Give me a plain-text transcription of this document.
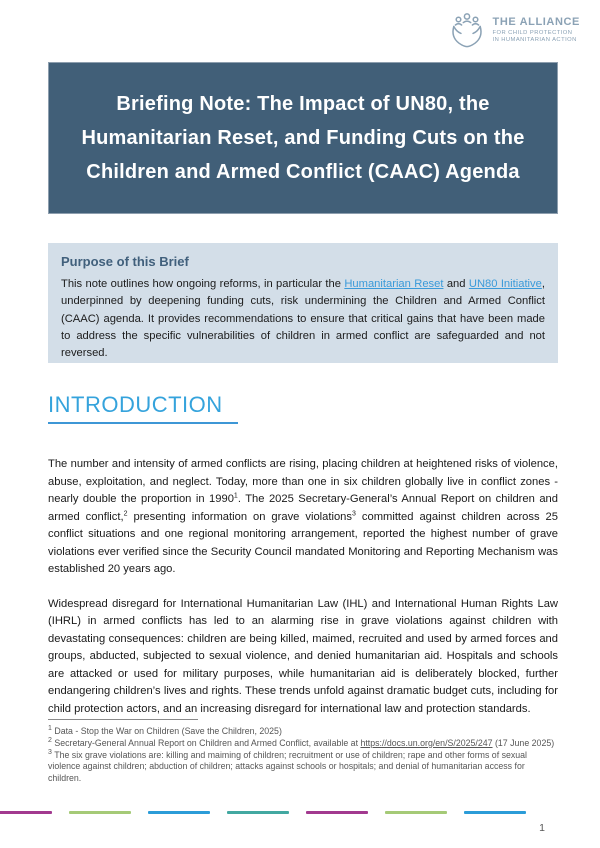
THE ALLIANCE
FOR CHILD PROTECTION
IN HUMANITARIAN ACTION
Briefing Note: The Impact of UN80, the
Humanitarian Reset, and Funding Cuts on the
Children and Armed Conflict (CAAC) Agenda
Purpose of this Brief

This note outlines how ongoing reforms, in particular the Humanitarian Reset and UN80 Initiative, underpinned by deepening funding cuts, risk undermining the Children and Armed Conflict (CAAC) agenda. It provides recommendations to ensure that critical gains that have been made to address the specific vulnerabilities of children in armed conflict are safeguarded and not reversed.

INTRODUCTION

The number and intensity of armed conflicts are rising, placing children at heightened risks of violence, abuse, exploitation, and neglect. Today, more than one in six children globally live in conflict zones - nearly double the proportion in 1990$^1$. The 2025 Secretary-General’s Annual Report on children and armed conflict,$^2$ presenting information on grave violations$^3$ committed against children across 25 conflict situations and one regional monitoring arrangement, reported the highest number of grave violations ever verified since the Security Council mandated Monitoring and Reporting Mechanism was established 20 years ago.

Widespread disregard for International Humanitarian Law (IHL) and International Human Rights Law (IHRL) in armed conflicts has led to an alarming rise in grave violations against children with devastating consequences: children are being killed, maimed, recruited and used by armed forces and groups, abducted, subjected to sexual violence, and denied humanitarian aid. Hospitals and schools are attacked or used for military purposes, while humanitarian aid is deliberately blocked, further endangering children’s lives and rights. These trends unfold against dramatic budget cuts, including for child protection actors, and an increasing disregard for international law and protection standards.

$^1$ Data - Stop the War on Children (Save the Children, 2025)

$^2$ Secretary-General Annual Report on Children and Armed Conflict, available at https://docs.un.org/en/S/2025/247 (17 June 2025)

$^3$ The six grave violations are: killing and maiming of children; recruitment or use of children; rape and other forms of sexual violence against children; abduction of children; attacks against schools or hospitals; and denial of humanitarian access for children.

1
